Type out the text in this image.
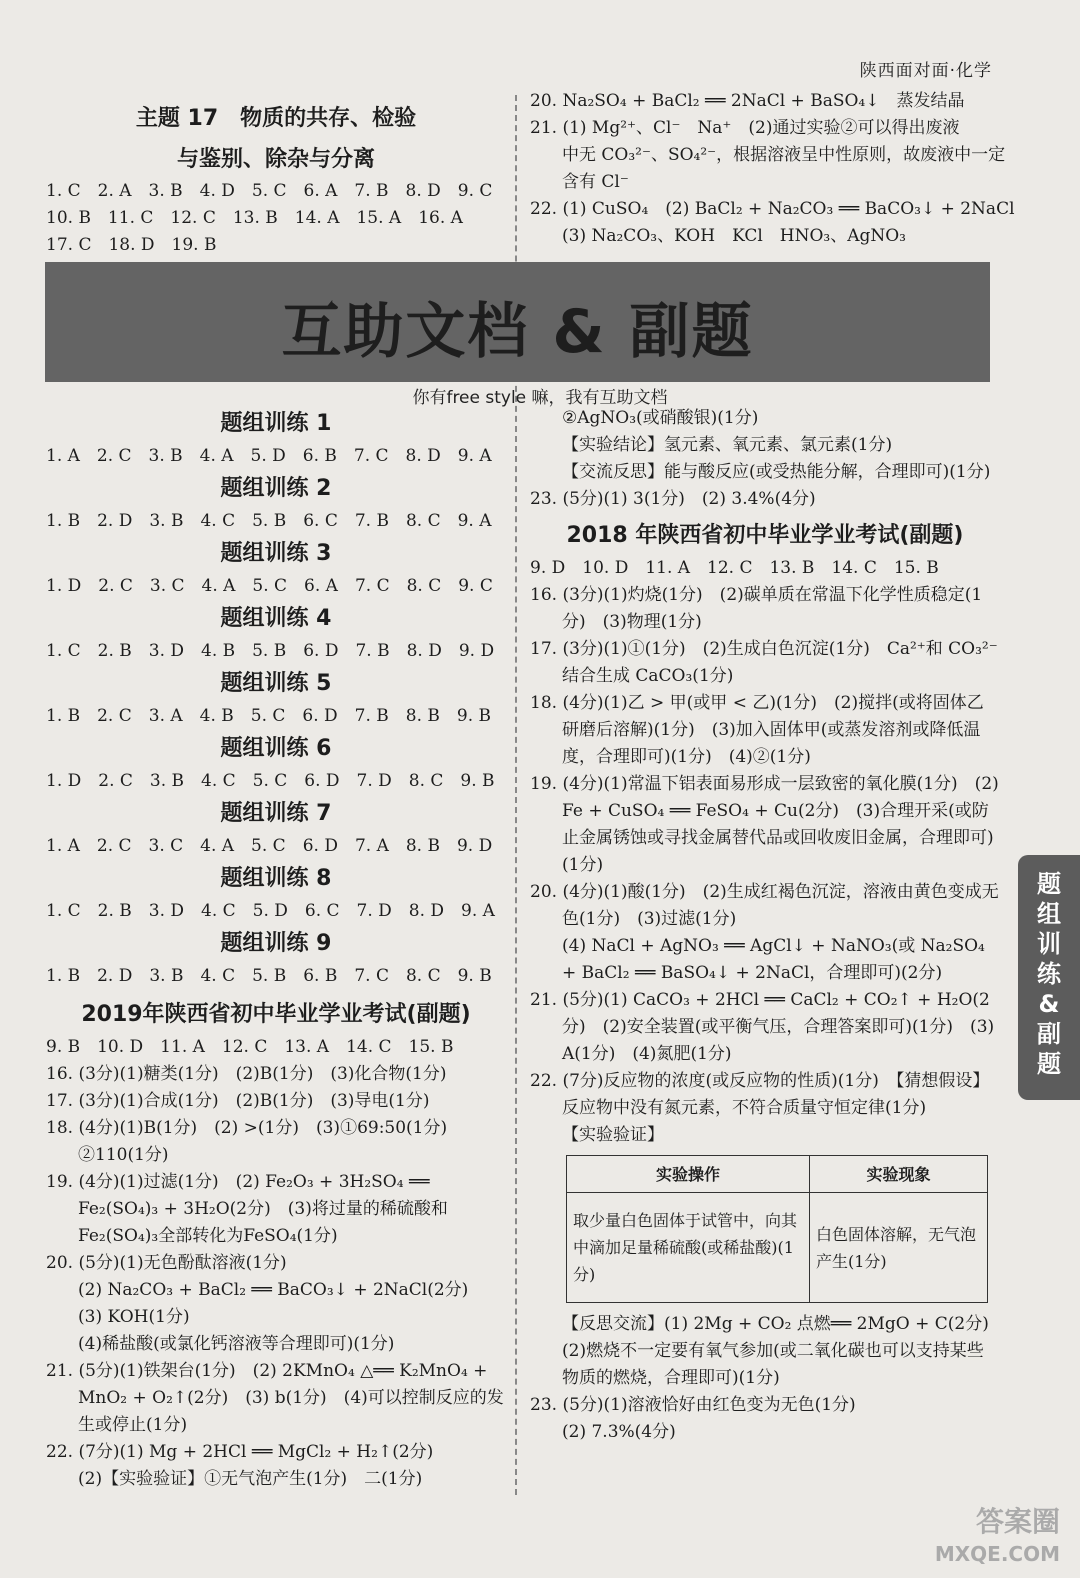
陕西面对面·化学
主题 17　物质的共存、检验
与鉴别、除杂与分离
1. C　2. A　3. B　4. D　5. C　6. A　7. B　8. D　9. C
10. B　11. C　12. C　13. B　14. A　15. A　16. A
17. C　18. D　19. B
20. Na₂SO₄ + BaCl₂ ══ 2NaCl + BaSO₄↓　蒸发结晶
21. (1) Mg²⁺、Cl⁻　Na⁺　(2)通过实验②可以得出废液
中无 CO₃²⁻、SO₄²⁻，根据溶液呈中性原则，故废液中一定
含有 Cl⁻
22. (1) CuSO₄　(2) BaCl₂ + Na₂CO₃ ══ BaCO₃↓ + 2NaCl
(3) Na₂CO₃、KOH　KCl　HNO₃、AgNO₃
互助文档 & 副题
你有free style 嘛，我有互助文档
题组训练 1
1. A　2. C　3. B　4. A　5. D　6. B　7. C　8. D　9. A
题组训练 2
1. B　2. D　3. B　4. C　5. B　6. C　7. B　8. C　9. A
题组训练 3
1. D　2. C　3. C　4. A　5. C　6. A　7. C　8. C　9. C
题组训练 4
1. C　2. B　3. D　4. B　5. B　6. D　7. B　8. D　9. D
题组训练 5
1. B　2. C　3. A　4. B　5. C　6. D　7. B　8. B　9. B
题组训练 6
1. D　2. C　3. B　4. C　5. C　6. D　7. D　8. C　9. B
题组训练 7
1. A　2. C　3. C　4. A　5. C　6. D　7. A　8. B　9. D
题组训练 8
1. C　2. B　3. D　4. C　5. D　6. C　7. D　8. D　9. A
题组训练 9
1. B　2. D　3. B　4. C　5. B　6. B　7. C　8. C　9. B
2019年陕西省初中毕业学业考试(副题)
9. B　10. D　11. A　12. C　13. A　14. C　15. B
16. (3分)(1)糖类(1分)　(2)B(1分)　(3)化合物(1分)
17. (3分)(1)合成(1分)　(2)B(1分)　(3)导电(1分)
18. (4分)(1)B(1分)　(2) >(1分)　(3)①69:50(1分)　②110(1分)
19. (4分)(1)过滤(1分)　(2) Fe₂O₃ + 3H₂SO₄ ══ Fe₂(SO₄)₃ + 3H₂O(2分)　(3)将过量的稀硫酸和Fe₂(SO₄)₃全部转化为FeSO₄(1分)
20. (5分)(1)无色酚酞溶液(1分)
(2) Na₂CO₃ + BaCl₂ ══ BaCO₃↓ + 2NaCl(2分)
(3) KOH(1分)
(4)稀盐酸(或氯化钙溶液等合理即可)(1分)
21. (5分)(1)铁架台(1分)　(2) 2KMnO₄ △══ K₂MnO₄ + MnO₂ + O₂↑(2分)　(3) b(1分)　(4)可以控制反应的发生或停止(1分)
22. (7分)(1) Mg + 2HCl ══ MgCl₂ + H₂↑(2分)
(2)【实验验证】①无气泡产生(1分)　二(1分)
②AgNO₃(或硝酸银)(1分)
【实验结论】氢元素、氧元素、氯元素(1分)
【交流反思】能与酸反应(或受热能分解，合理即可)(1分)
23. (5分)(1) 3(1分)　(2) 3.4%(4分)
2018 年陕西省初中毕业学业考试(副题)
9. D　10. D　11. A　12. C　13. B　14. C　15. B
16. (3分)(1)灼烧(1分)　(2)碳单质在常温下化学性质稳定(1分)　(3)物理(1分)
17. (3分)(1)①(1分)　(2)生成白色沉淀(1分)　Ca²⁺和 CO₃²⁻ 结合生成 CaCO₃(1分)
18. (4分)(1)乙 > 甲(或甲 < 乙)(1分)　(2)搅拌(或将固体乙研磨后溶解)(1分)　(3)加入固体甲(或蒸发溶剂或降低温度，合理即可)(1分)　(4)②(1分)
19. (4分)(1)常温下铝表面易形成一层致密的氧化膜(1分)　(2) Fe + CuSO₄ ══ FeSO₄ + Cu(2分)　(3)合理开采(或防止金属锈蚀或寻找金属替代品或回收废旧金属，合理即可)(1分)
20. (4分)(1)酸(1分)　(2)生成红褐色沉淀，溶液由黄色变成无色(1分)　(3)过滤(1分)
(4) NaCl + AgNO₃ ══ AgCl↓ + NaNO₃(或 Na₂SO₄ + BaCl₂ ══ BaSO₄↓ + 2NaCl，合理即可)(2分)
21. (5分)(1) CaCO₃ + 2HCl ══ CaCl₂ + CO₂↑ + H₂O(2分)　(2)安全装置(或平衡气压，合理答案即可)(1分)　(3) A(1分)　(4)氮肥(1分)
22. (7分)反应物的浓度(或反应物的性质)(1分)　【猜想假设】反应物中没有氮元素，不符合质量守恒定律(1分)
【实验验证】
实验操作	实验现象
取少量白色固体于试管中，向其中滴加足量稀硫酸(或稀盐酸)(1分)	白色固体溶解，无气泡产生(1分)
【反思交流】(1) 2Mg + CO₂ 点燃══ 2MgO + C(2分)
(2)燃烧不一定要有氧气参加(或二氧化碳也可以支持某些物质的燃烧，合理即可)(1分)
23. (5分)(1)溶液恰好由红色变为无色(1分)
(2) 7.3%(4分)
题
组
训
练
&
副
题
答案圈
MXQE.COM
